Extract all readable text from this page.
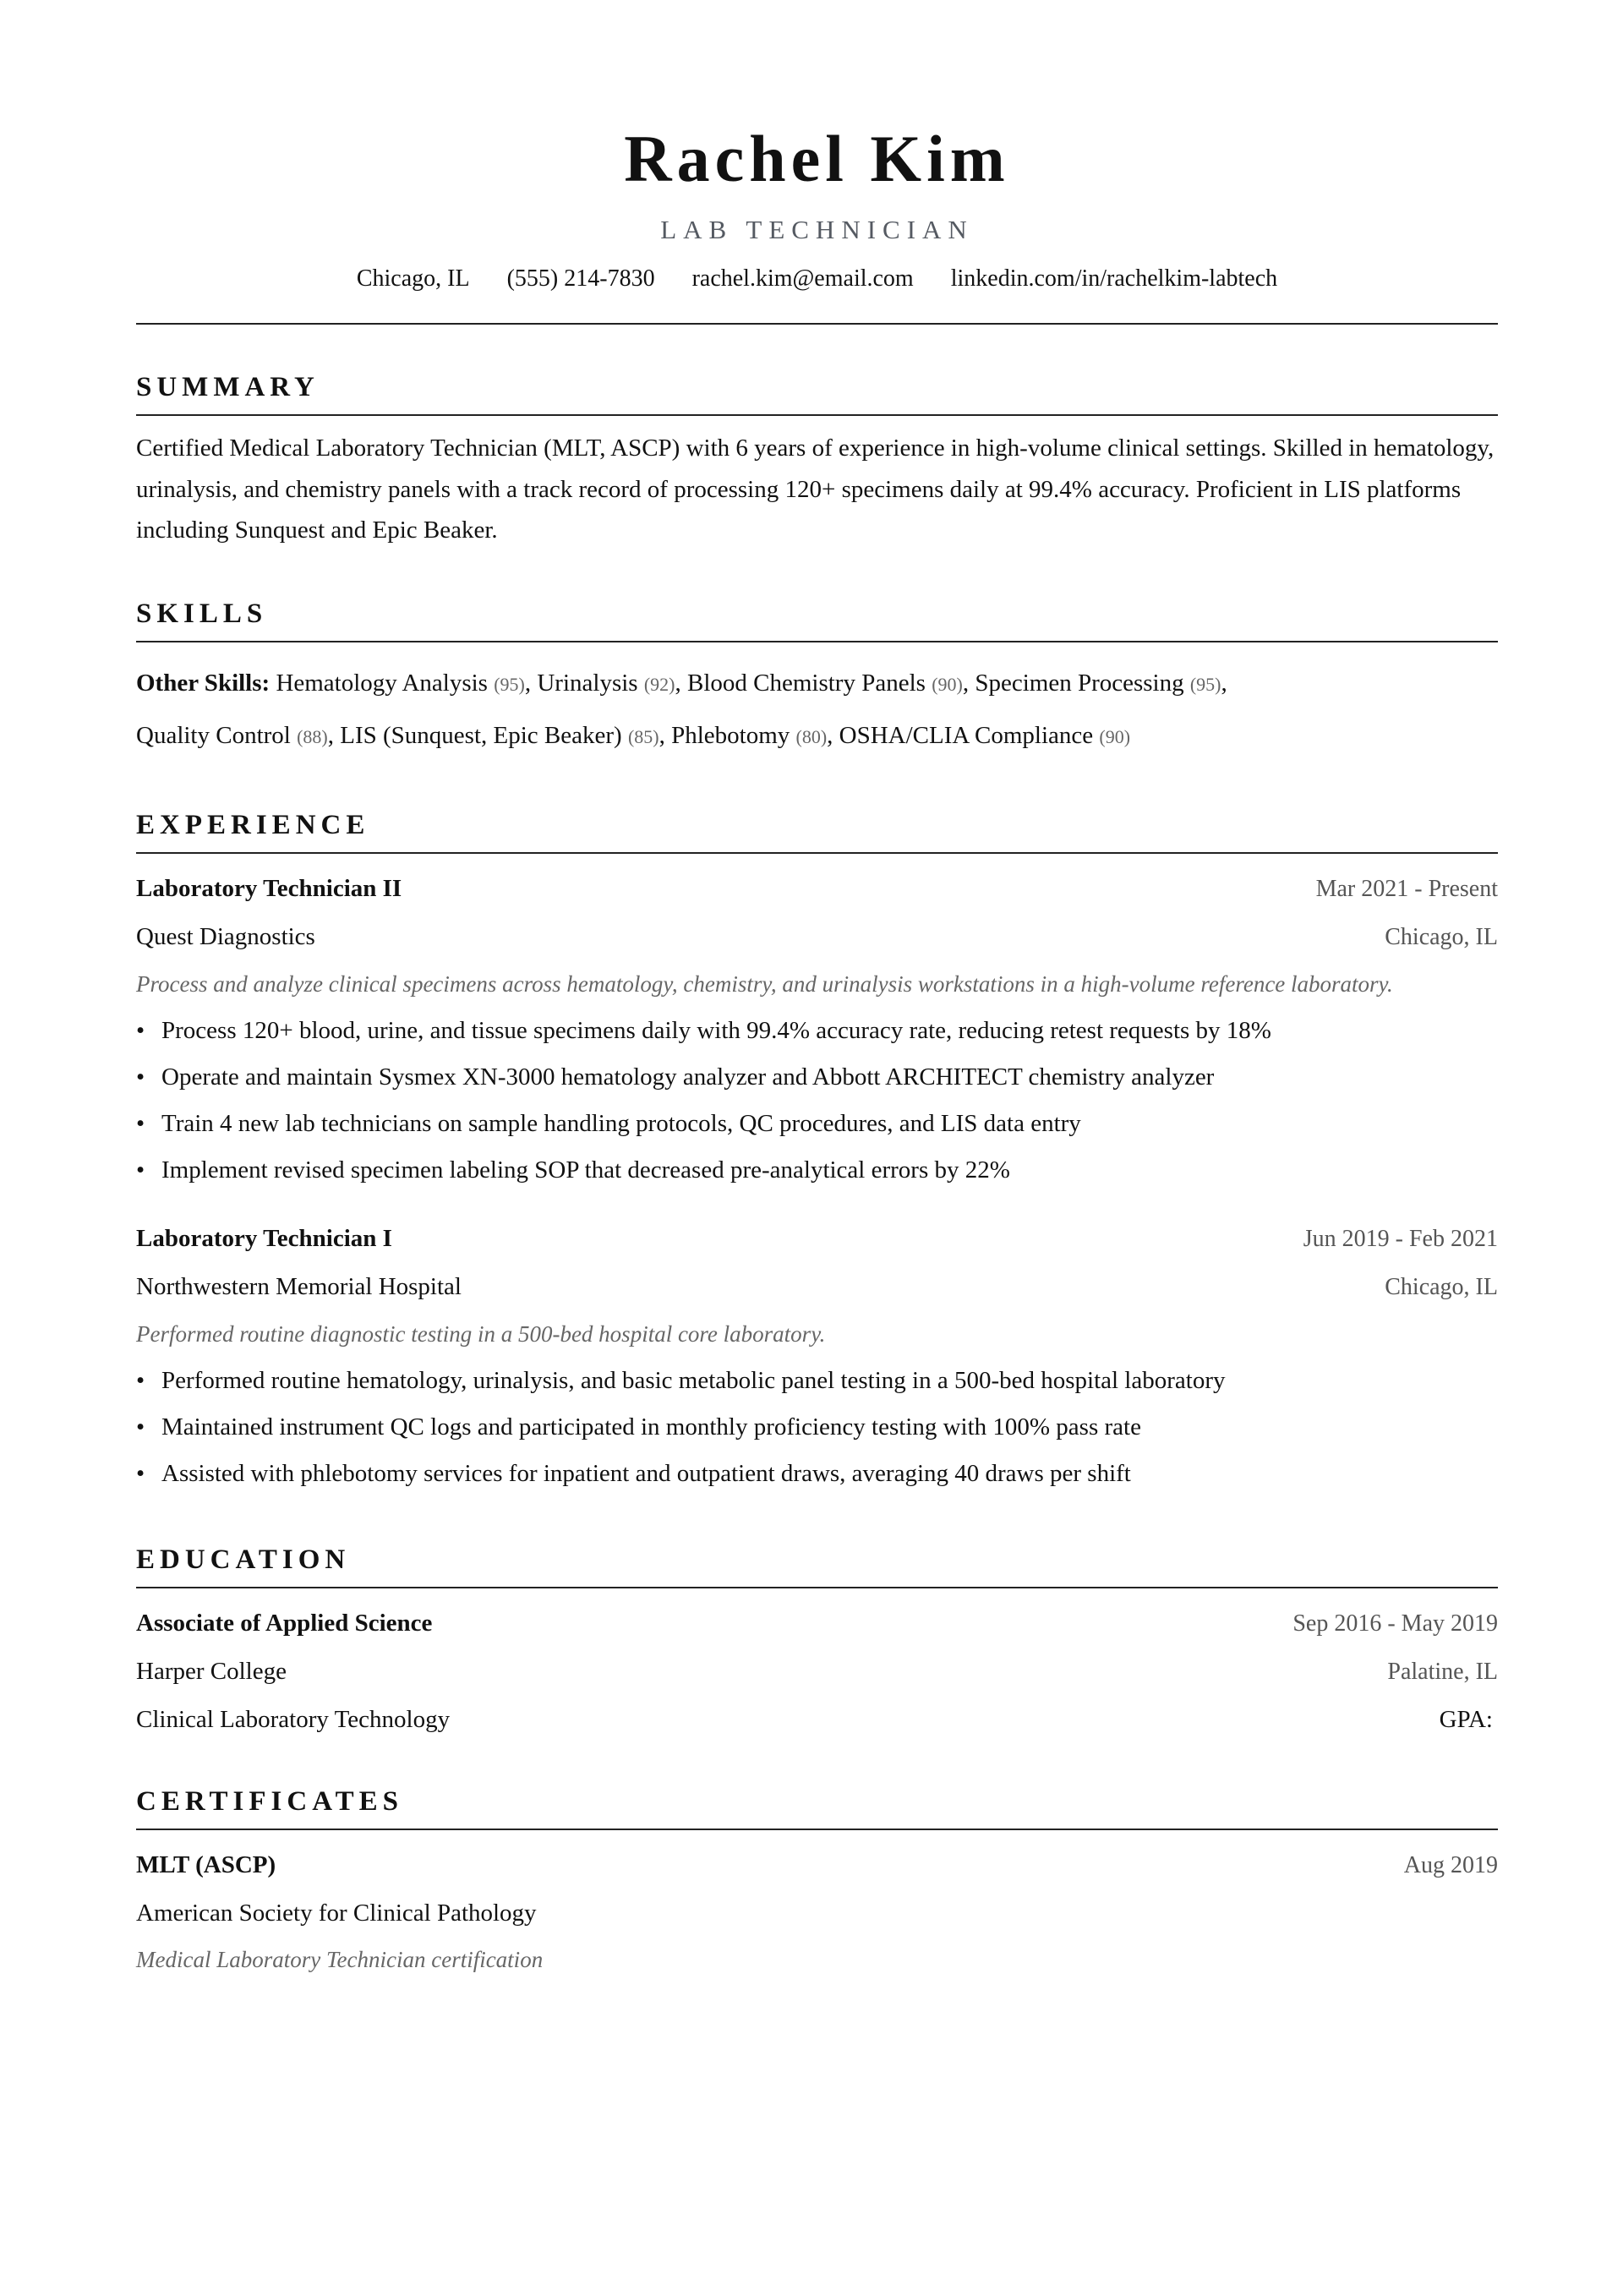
Rachel Kim
LAB TECHNICIAN
Chicago, IL (555) 214-7830 rachel.kim@email.com linkedin.com/in/rachelkim-labtech
SUMMARY
Certified Medical Laboratory Technician (MLT, ASCP) with 6 years of experience in high-volume clinical settings. Skilled in hematology, urinalysis, and chemistry panels with a track record of processing 120+ specimens daily at 99.4% accuracy. Proficient in LIS platforms including Sunquest and Epic Beaker.
SKILLS
Other Skills: Hematology Analysis (95), Urinalysis (92), Blood Chemistry Panels (90), Specimen Processing (95),
Quality Control (88), LIS (Sunquest, Epic Beaker) (85), Phlebotomy (80), OSHA/CLIA Compliance (90)
EXPERIENCE
Laboratory Technician II	Mar 2021 - Present
Quest Diagnostics	Chicago, IL
Process and analyze clinical specimens across hematology, chemistry, and urinalysis workstations in a high-volume reference laboratory.
• Process 120+ blood, urine, and tissue specimens daily with 99.4% accuracy rate, reducing retest requests by 18%
• Operate and maintain Sysmex XN-3000 hematology analyzer and Abbott ARCHITECT chemistry analyzer
• Train 4 new lab technicians on sample handling protocols, QC procedures, and LIS data entry
• Implement revised specimen labeling SOP that decreased pre-analytical errors by 22%
Laboratory Technician I	Jun 2019 - Feb 2021
Northwestern Memorial Hospital	Chicago, IL
Performed routine diagnostic testing in a 500-bed hospital core laboratory.
• Performed routine hematology, urinalysis, and basic metabolic panel testing in a 500-bed hospital laboratory
• Maintained instrument QC logs and participated in monthly proficiency testing with 100% pass rate
• Assisted with phlebotomy services for inpatient and outpatient draws, averaging 40 draws per shift
EDUCATION
Associate of Applied Science	Sep 2016 - May 2019
Harper College	Palatine, IL
Clinical Laboratory Technology	GPA:
CERTIFICATES
MLT (ASCP)	Aug 2019
American Society for Clinical Pathology
Medical Laboratory Technician certification
